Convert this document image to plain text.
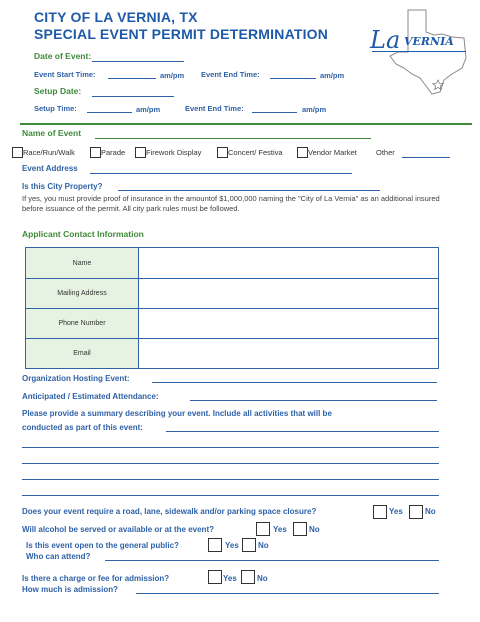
CITY OF LA VERNIA, TX
SPECIAL EVENT PERMIT DETERMINATION La VERNIA
Date of Event:
Event Start Time:	am/pm Event End Time:	am/pm
Setup Date:
Setup Time:	am/pm	Event End Time:	am/pm
Name of Event
Race/Run/Walk	Parade	Firework Display	Concert/ Festiva	Vendor Market	Other
Event Address
Is this City Property?
If yes, you must provide proof of insurance in the amountof $1,000,000 naming the "City of La Vernia" as an additional insured before issuance of the permit. All city park rules must be followed.
Applicant Contact Information
Name	
Mailing Address	
Phone Number	
Email	
Organization Hosting Event:
Anticipated / Estimated Attendance:
Please provide a summary describing your event. Include all activities that will be
conducted as part of this event:
Does your event require a road, lane, sidewalk and/or parking space closure?	Yes	No
Will alcohol be served or available or at the event?	Yes	No
Is this event open to the general public?	Yes No
Who can attend?
Is there a charge or fee for admission?	Yes	No
How much is admission?
